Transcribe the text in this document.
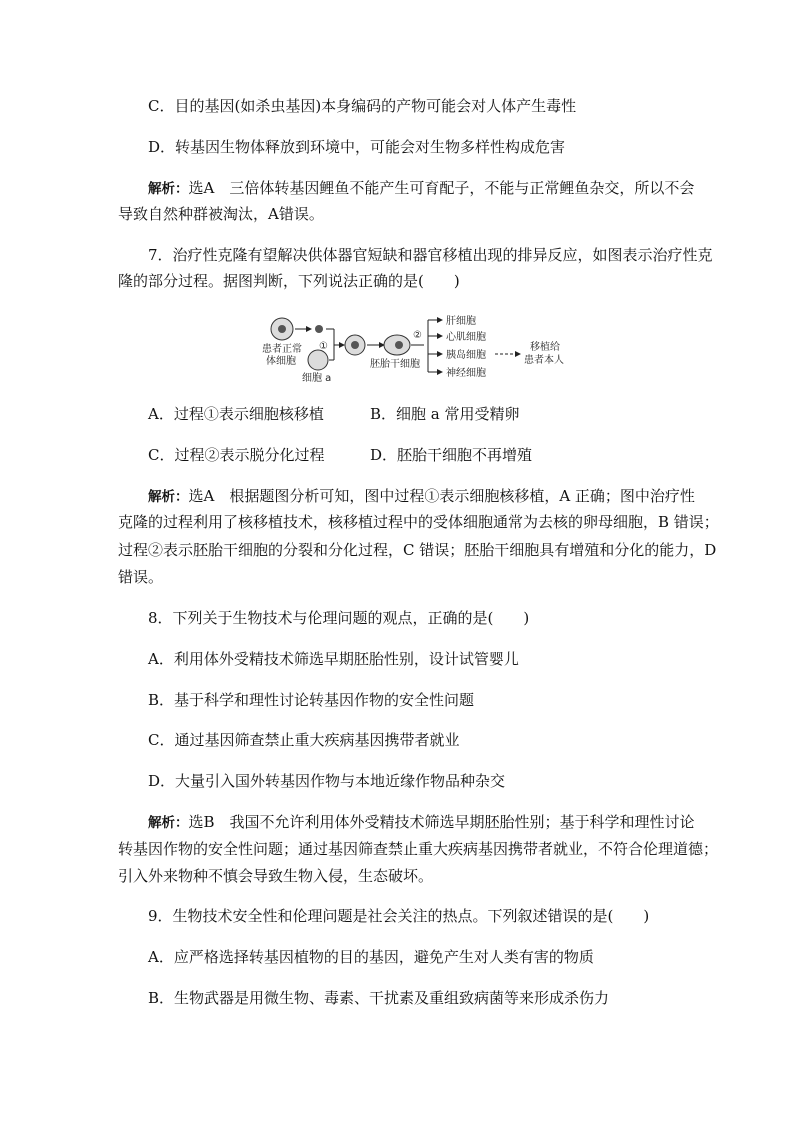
C．目的基因(如杀虫基因)本身编码的产物可能会对人体产生毒性
D．转基因生物体释放到环境中，可能会对生物多样性构成危害
解析：选A　三倍体转基因鲤鱼不能产生可育配子，不能与正常鲤鱼杂交，所以不会
导致自然种群被淘汰，A错误。
7．治疗性克隆有望解决供体器官短缺和器官移植出现的排异反应，如图表示治疗性克
隆的部分过程。据图判断，下列说法正确的是(　　)
患者正常
体细胞
细胞 a
①
胚胎干细胞
②
肝细胞
心肌细胞
胰岛细胞
神经细胞
移植给
患者本人
A．过程①表示细胞核移植	B．细胞 a 常用受精卵
C．过程②表示脱分化过程	D．胚胎干细胞不再增殖
解析：选A　根据题图分析可知，图中过程①表示细胞核移植，A 正确；图中治疗性
克隆的过程利用了核移植技术，核移植过程中的受体细胞通常为去核的卵母细胞，B 错误；
过程②表示胚胎干细胞的分裂和分化过程，C 错误；胚胎干细胞具有增殖和分化的能力，D
错误。
8．下列关于生物技术与伦理问题的观点，正确的是(　　)
A．利用体外受精技术筛选早期胚胎性别，设计试管婴儿
B．基于科学和理性讨论转基因作物的安全性问题
C．通过基因筛查禁止重大疾病基因携带者就业
D．大量引入国外转基因作物与本地近缘作物品种杂交
解析：选B　我国不允许利用体外受精技术筛选早期胚胎性别；基于科学和理性讨论
转基因作物的安全性问题；通过基因筛查禁止重大疾病基因携带者就业，不符合伦理道德；
引入外来物种不慎会导致生物入侵，生态破坏。
9．生物技术安全性和伦理问题是社会关注的热点。下列叙述错误的是(　　)
A．应严格选择转基因植物的目的基因，避免产生对人类有害的物质
B．生物武器是用微生物、毒素、干扰素及重组致病菌等来形成杀伤力
